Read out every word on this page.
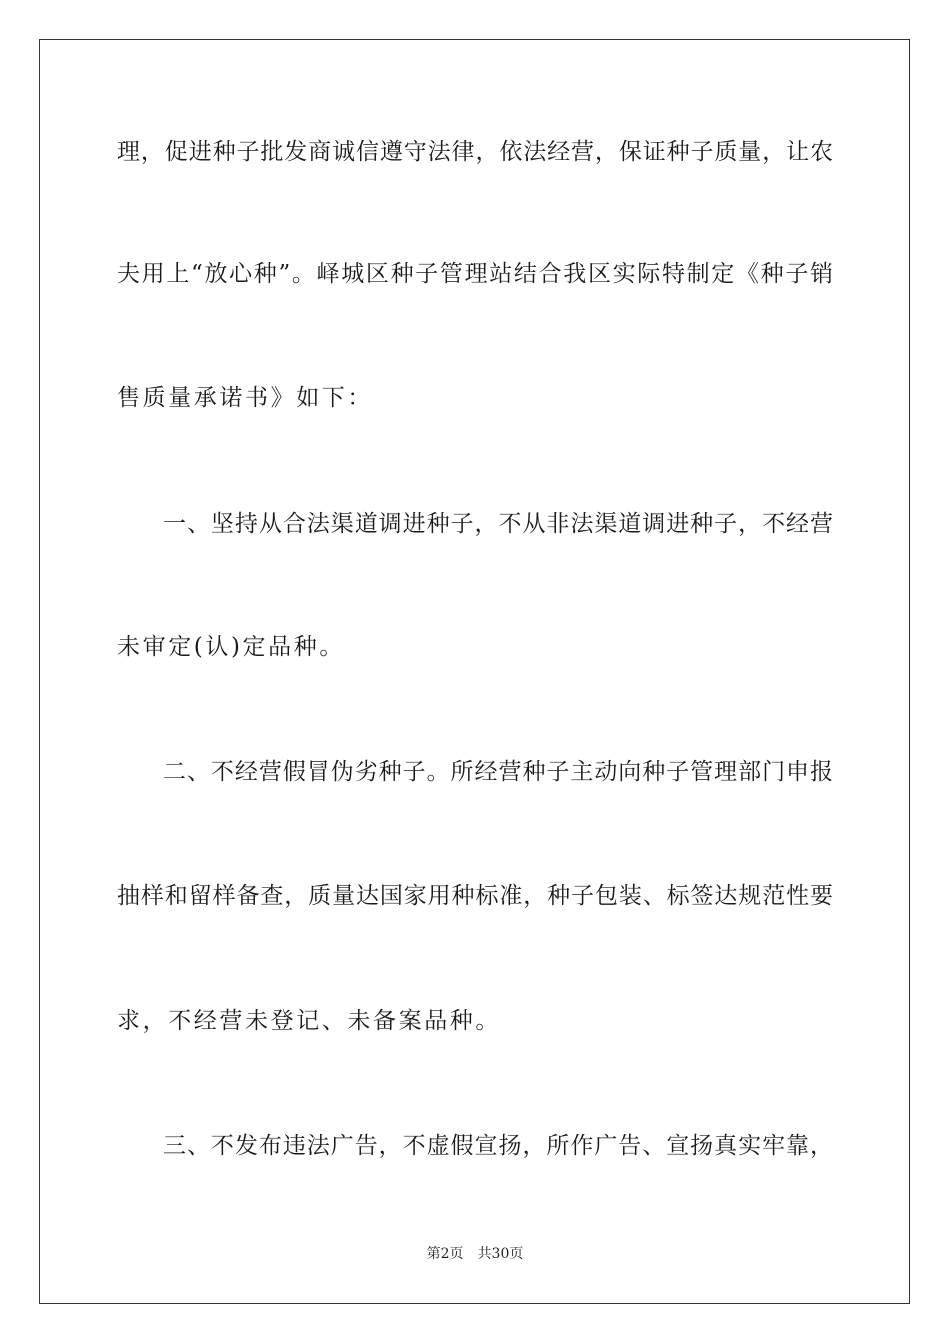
理，促进种子批发商诚信遵守法律，依法经营，保证种子质量，让农
夫用上“放心种”。峄城区种子管理站结合我区实际特制定《种子销
售质量承诺书》如下：
一、坚持从合法渠道调进种子，不从非法渠道调进种子，不经营
未审定(认)定品种。
二、不经营假冒伪劣种子。所经营种子主动向种子管理部门申报
抽样和留样备查，质量达国家用种标准，种子包装、标签达规范性要
求，不经营未登记、未备案品种。
三、不发布违法广告，不虚假宣扬，所作广告、宣扬真实牢靠，
第2页 共30页
